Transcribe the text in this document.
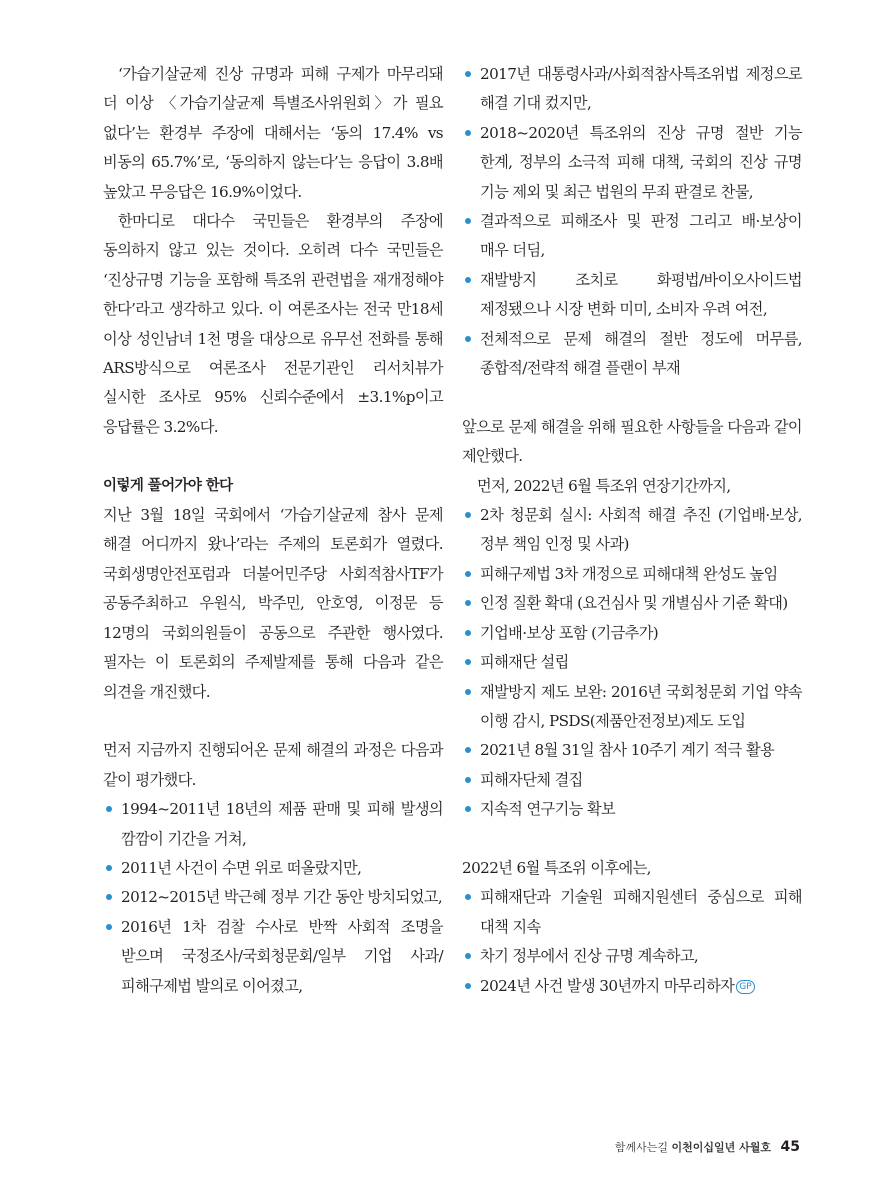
‘가습기살균제 진상 규명과 피해 구제가 마무리돼 더 이상 〈가습기살균제 특별조사위원회〉가 필요 없다’는 환경부 주장에 대해서는 ‘동의 17.4% vs 비동의 65.7%’로, ‘동의하지 않는다’는 응답이 3.8배 높았고 무응답은 16.9%이었다.

한마디로 대다수 국민들은 환경부의 주장에 동의하지 않고 있는 것이다. 오히려 다수 국민들은 ‘진상규명 기능을 포함해 특조위 관련법을 재개정해야 한다’라고 생각하고 있다. 이 여론조사는 전국 만18세 이상 성인남녀 1천 명을 대상으로 유무선 전화를 통해 ARS방식으로 여론조사 전문기관인 리서치뷰가 실시한 조사로 95% 신뢰수준에서 ±3.1%p이고 응답률은 3.2%다.

이렇게 풀어가야 한다

지난 3월 18일 국회에서 ‘가습기살균제 참사 문제 해결 어디까지 왔나’라는 주제의 토론회가 열렸다. 국회생명안전포럼과 더불어민주당 사회적참사TF가 공동주최하고 우원식, 박주민, 안호영, 이정문 등 12명의 국회의원들이 공동으로 주관한 행사였다. 필자는 이 토론회의 주제발제를 통해 다음과 같은 의견을 개진했다.

먼저 지금까지 진행되어온 문제 해결의 과정은 다음과 같이 평가했다.

1994~2011년 18년의 제품 판매 및 피해 발생의 깜깜이 기간을 거쳐,
2011년 사건이 수면 위로 떠올랐지만,
2012~2015년 박근혜 정부 기간 동안 방치되었고,
2016년 1차 검찰 수사로 반짝 사회적 조명을 받으며 국정조사/국회청문회/일부 기업 사과/피해구제법 발의로 이어졌고,
2017년 대통령사과/사회적참사특조위법 제정으로 해결 기대 컸지만,
2018~2020년 특조위의 진상 규명 절반 기능 한계, 정부의 소극적 피해 대책, 국회의 진상 규명 기능 제외 및 최근 법원의 무죄 판결로 찬물,
결과적으로 피해조사 및 판정 그리고 배·보상이 매우 더딤,
재발방지 조치로 화평법/바이오사이드법 제정됐으나 시장 변화 미미, 소비자 우려 여전,
전체적으로 문제 해결의 절반 정도에 머무름, 종합적/전략적 해결 플랜이 부재

앞으로 문제 해결을 위해 필요한 사항들을 다음과 같이 제안했다.

먼저, 2022년 6월 특조위 연장기간까지,

2차 청문회 실시: 사회적 해결 추진 (기업배·보상, 정부 책임 인정 및 사과)
피해구제법 3차 개정으로 피해대책 완성도 높임
인정 질환 확대 (요건심사 및 개별심사 기준 확대)
기업배·보상 포함 (기금추가)
피해재단 설립
재발방지 제도 보완: 2016년 국회청문회 기업 약속 이행 감시, PSDS(제품안전정보)제도 도입
2021년 8월 31일 참사 10주기 계기 적극 활용
피해자단체 결집
지속적 연구기능 확보

2022년 6월 특조위 이후에는,

피해재단과 기술원 피해지원센터 중심으로 피해 대책 지속
차기 정부에서 진상 규명 계속하고,
2024년 사건 발생 30년까지 마무리하자 GP
함께사는길 이천이십일년 사월호 45
